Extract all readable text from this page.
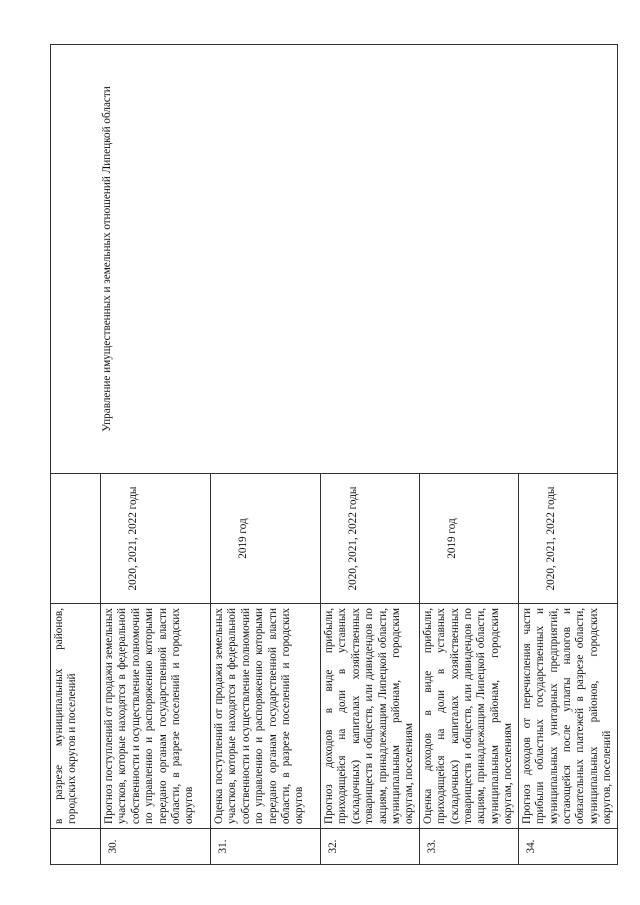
	в разрезе муниципальных районов, городских округов и поселений		Управление имущественных и земельных отношений Липецкой области
30.	Прогноз поступлений от продажи земельных участков, которые находятся в федеральной собственности и осуществление полномочий по управлению и распоряжению которыми передано органам государственной власти области, в разрезе поселений и городских округов	2020, 2021, 2022 годы	
31.	Оценка поступлений от продажи земельных участков, которые находятся в федеральной собственности и осуществление полномочий по управлению и распоряжению которыми передано органам государственной власти области, в разрезе поселений и городских округов	2019 год	
32.	Прогноз доходов в виде прибыли, приходящейся на доли в уставных (складочных) капиталах хозяйственных товариществ и обществ, или дивидендов по акциям, принадлежащим Липецкой области, муниципальным районам, городским округам, поселениям	2020, 2021, 2022 годы	
33.	Оценка доходов в виде прибыли, приходящейся на доли в уставных (складочных) капиталах хозяйственных товариществ и обществ, или дивидендов по акциям, принадлежащим Липецкой области, муниципальным районам, городским округам, поселениям	2019 год	
34.	Прогноз доходов от перечисления части прибыли областных государственных и муниципальных унитарных предприятий, остающейся после уплаты налогов и обязательных платежей в разрезе области, муниципальных районов, городских округов, поселений	2020, 2021, 2022 годы	
